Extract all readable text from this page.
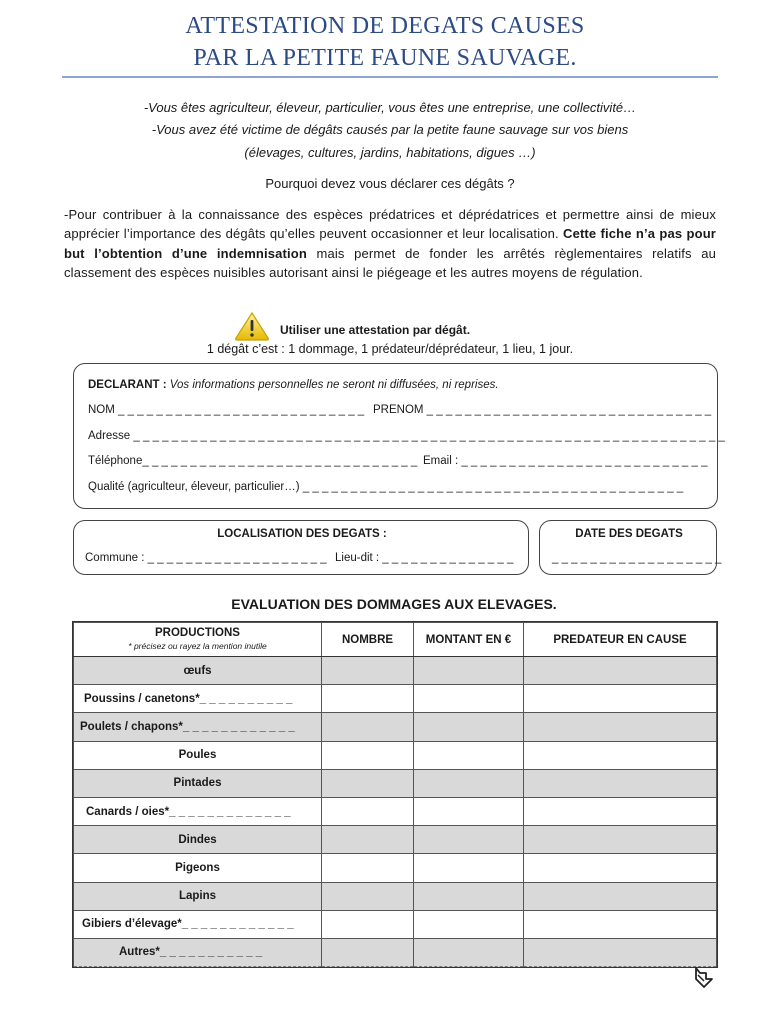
ATTESTATION DE DEGATS CAUSES
PAR LA PETITE FAUNE SAUVAGE.
-Vous êtes agriculteur, éleveur, particulier, vous êtes une entreprise, une collectivité…
-Vous avez été victime de dégâts causés par la petite faune sauvage sur vos biens
(élevages, cultures, jardins, habitations, digues …)
Pourquoi devez vous déclarer ces dégâts ?
-Pour contribuer à la connaissance des espèces prédatrices et déprédatrices et permettre ainsi de mieux apprécier l’importance des dégâts qu’elles peuvent occasionner et leur localisation. Cette fiche n’a pas pour but l’obtention d’une indemnisation mais permet de fonder les arrêtés règlementaires relatifs au classement des espèces nuisibles autorisant ainsi le piégeage et les autres moyens de régulation.
Utiliser une attestation par dégât.
1 dégât c’est : 1 dommage, 1 prédateur/déprédateur, 1 lieu, 1 jour.
DECLARANT : Vos informations personnelles ne seront ni diffusées, ni reprises.
NOM _ _ _ _ _ _ _ _ _ _ _ _ _ _ _ _ _ _ _ _ _ _ _ _ _ _ PRENOM _ _ _ _ _ _ _ _ _ _ _ _ _ _ _ _ _ _ _ _ _ _ _ _ _ _ _ _ _ _
Adresse _ _ _ _ _ _ _ _ _ _ _ _ _ _ _ _ _ _ _ _ _ _ _ _ _ _ _ _ _ _ _ _ _ _ _ _ _ _ _ _ _ _ _ _ _ _ _ _ _ _ _ _ _ _ _ _ _ _ _ _ _ _
Téléphone_ _ _ _ _ _ _ _ _ _ _ _ _ _ _ _ _ _ _ _ _ _ _ _ _ _ _ _ _ Email : _ _ _ _ _ _ _ _ _ _ _ _ _ _ _ _ _ _ _ _ _ _ _ _ _ _
Qualité (agriculteur, éleveur, particulier…) _ _ _ _ _ _ _ _ _ _ _ _ _ _ _ _ _ _ _ _ _ _ _ _ _ _ _ _ _ _ _ _ _ _ _ _ _ _ _ _
LOCALISATION DES DEGATS :
Commune : _ _ _ _ _ _ _ _ _ _ _ _ _ _ _ _ _ _ _ Lieu-dit : _ _ _ _ _ _ _ _ _ _ _ _ _ _
DATE DES DEGATS
_ _ _ _ _ _ _ _ _ _ _ _ _ _ _ _ _ _
EVALUATION DES DOMMAGES AUX ELEVAGES.
PRODUCTIONS
* précisez ou rayez la mention inutile	NOMBRE	MONTANT EN €	PREDATEUR EN CAUSE
œufs			
Poussins / canetons*_ _ _ _ _ _ _ _ _ _			
Poulets / chapons*_ _ _ _ _ _ _ _ _ _ _ _			
Poules			
Pintades			
Canards / oies*_ _ _ _ _ _ _ _ _ _ _ _ _			
Dindes			
Pigeons			
Lapins			
Gibiers d’élevage*_ _ _ _ _ _ _ _ _ _ _ _			
Autres*_ _ _ _ _ _ _ _ _ _ _			
